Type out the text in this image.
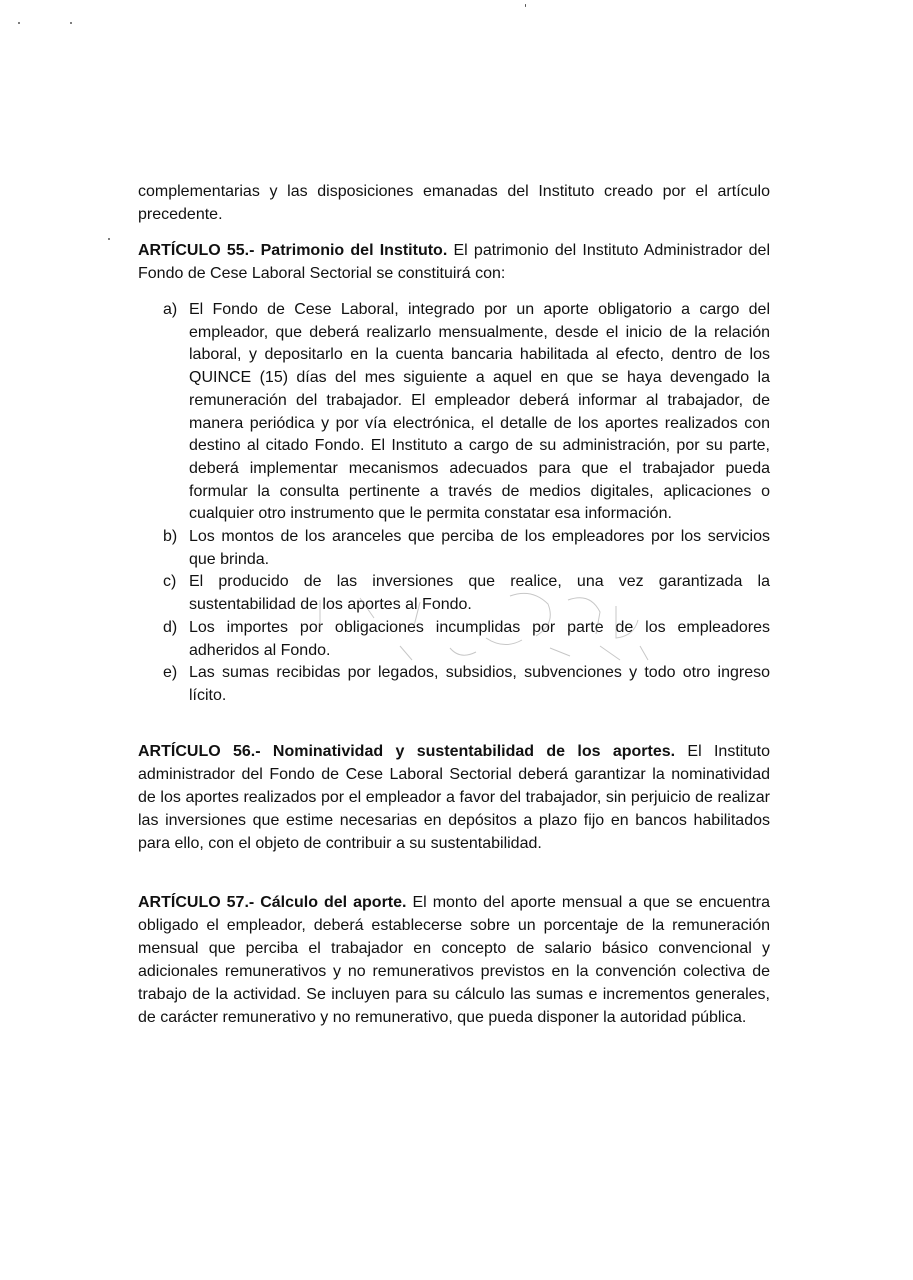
complementarias y las disposiciones emanadas del Instituto creado por el artículo precedente.

ARTÍCULO 55.- Patrimonio del Instituto. El patrimonio del Instituto Administrador del Fondo de Cese Laboral Sectorial se constituirá con:

a) El Fondo de Cese Laboral, integrado por un aporte obligatorio a cargo del empleador, que deberá realizarlo mensualmente, desde el inicio de la relación laboral, y depositarlo en la cuenta bancaria habilitada al efecto, dentro de los QUINCE (15) días del mes siguiente a aquel en que se haya devengado la remuneración del trabajador. El empleador deberá informar al trabajador, de manera periódica y por vía electrónica, el detalle de los aportes realizados con destino al citado Fondo. El Instituto a cargo de su administración, por su parte, deberá implementar mecanismos adecuados para que el trabajador pueda formular la consulta pertinente a través de medios digitales, aplicaciones o cualquier otro instrumento que le permita constatar esa información.
b) Los montos de los aranceles que perciba de los empleadores por los servicios que brinda.
c) El producido de las inversiones que realice, una vez garantizada la sustentabilidad de los aportes al Fondo.
d) Los importes por obligaciones incumplidas por parte de los empleadores adheridos al Fondo.
e) Las sumas recibidas por legados, subsidios, subvenciones y todo otro ingreso lícito.

ARTÍCULO 56.- Nominatividad y sustentabilidad de los aportes. El Instituto administrador del Fondo de Cese Laboral Sectorial deberá garantizar la nominatividad de los aportes realizados por el empleador a favor del trabajador, sin perjuicio de realizar las inversiones que estime necesarias en depósitos a plazo fijo en bancos habilitados para ello, con el objeto de contribuir a su sustentabilidad.

ARTÍCULO 57.- Cálculo del aporte. El monto del aporte mensual a que se encuentra obligado el empleador, deberá establecerse sobre un porcentaje de la remuneración mensual que perciba el trabajador en concepto de salario básico convencional y adicionales remunerativos y no remunerativos previstos en la convención colectiva de trabajo de la actividad. Se incluyen para su cálculo las sumas e incrementos generales, de carácter remunerativo y no remunerativo, que pueda disponer la autoridad pública.
